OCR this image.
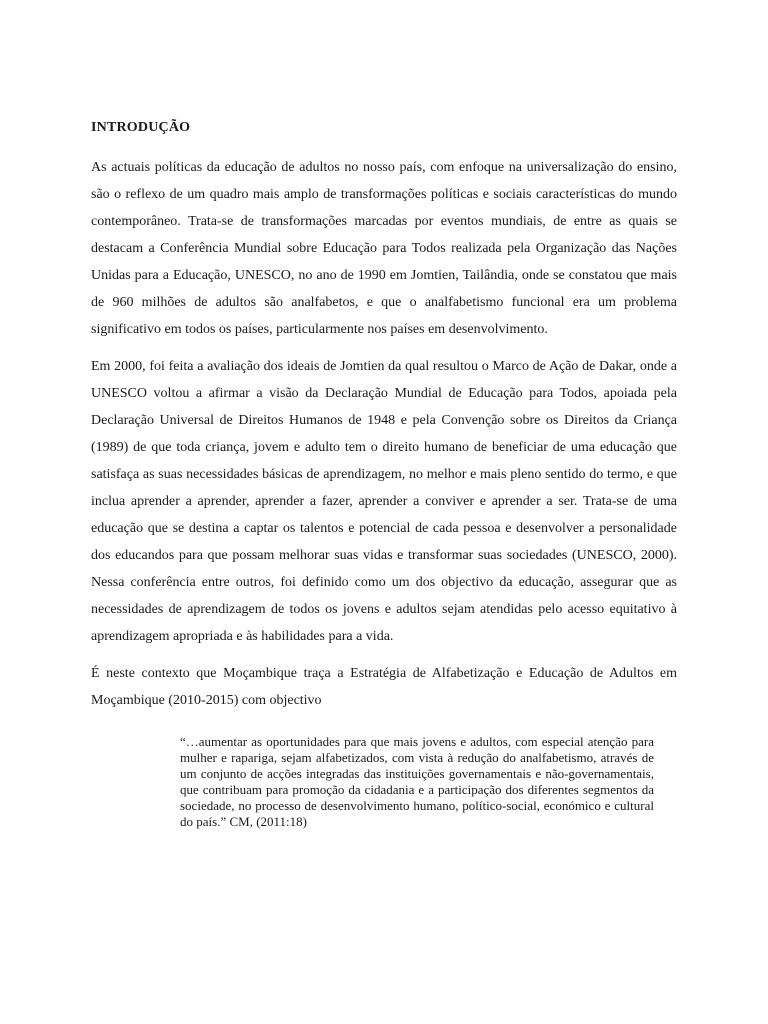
INTRODUÇÃO

As actuais políticas da educação de adultos no nosso país, com enfoque na universalização do ensino, são o reflexo de um quadro mais amplo de transformações políticas e sociais características do mundo contemporâneo. Trata-se de transformações marcadas por eventos mundiais, de entre as quais se destacam a Conferência Mundial sobre Educação para Todos realizada pela Organização das Nações Unidas para a Educação, UNESCO, no ano de 1990 em Jomtien, Tailândia, onde se constatou que mais de 960 milhões de adultos são analfabetos, e que o analfabetismo funcional era um problema significativo em todos os países, particularmente nos países em desenvolvimento.

Em 2000, foi feita a avaliação dos ideais de Jomtien da qual resultou o Marco de Ação de Dakar, onde a UNESCO voltou a afirmar a visão da Declaração Mundial de Educação para Todos, apoiada pela Declaração Universal de Direitos Humanos de 1948 e pela Convenção sobre os Direitos da Criança (1989) de que toda criança, jovem e adulto tem o direito humano de beneficiar de uma educação que satisfaça as suas necessidades básicas de aprendizagem, no melhor e mais pleno sentido do termo, e que inclua aprender a aprender, aprender a fazer, aprender a conviver e aprender a ser. Trata-se de uma educação que se destina a captar os talentos e potencial de cada pessoa e desenvolver a personalidade dos educandos para que possam melhorar suas vidas e transformar suas sociedades (UNESCO, 2000). Nessa conferência entre outros, foi definido como um dos objectivo da educação, assegurar que as necessidades de aprendizagem de todos os jovens e adultos sejam atendidas pelo acesso equitativo à aprendizagem apropriada e às habilidades para a vida.

É neste contexto que Moçambique traça a Estratégia de Alfabetização e Educação de Adultos em Moçambique (2010-2015) com objectivo

“…aumentar as oportunidades para que mais jovens e adultos, com especial atenção para mulher e rapariga, sejam alfabetizados, com vista à redução do analfabetismo, através de um conjunto de acções integradas das instituições governamentais e não-governamentais, que contribuam para promoção da cidadania e a participação dos diferentes segmentos da sociedade, no processo de desenvolvimento humano, político-social, económico e cultural do país.” CM, (2011:18)
